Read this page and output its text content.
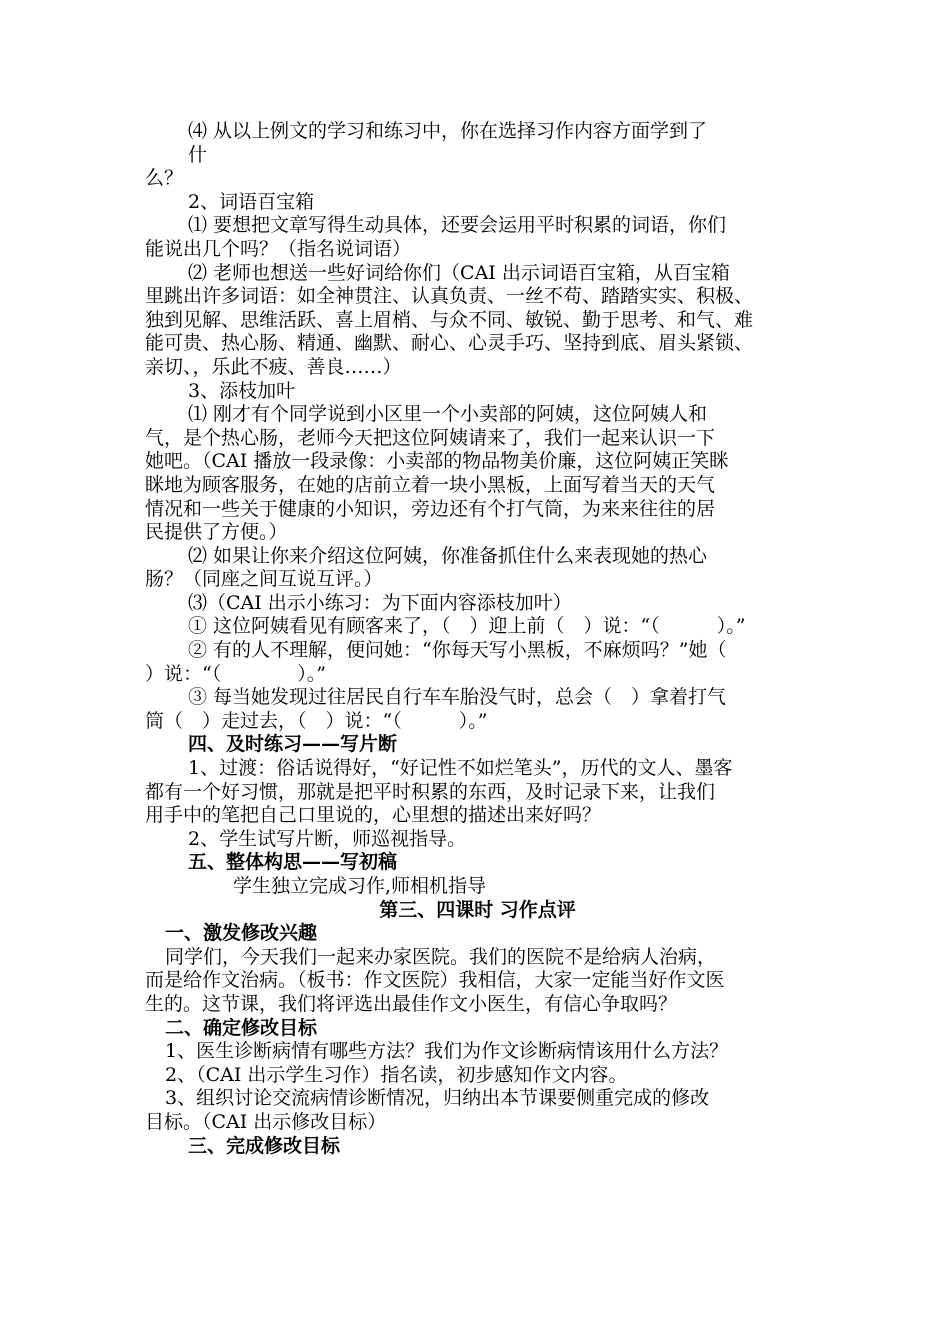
⑷ 从以上例文的学习和练习中，你在选择习作内容方面学到了
什
么？
2、词语百宝箱
⑴ 要想把文章写得生动具体，还要会运用平时积累的词语，你们
能说出几个吗？（指名说词语）
⑵ 老师也想送一些好词给你们（CAI 出示词语百宝箱，从百宝箱
里跳出许多词语：如全神贯注、认真负责、一丝不苟、踏踏实实、积极、
独到见解、思维活跃、喜上眉梢、与众不同、敏锐、勤于思考、和气、难
能可贵、热心肠、精通、幽默、耐心、心灵手巧、坚持到底、眉头紧锁、
亲切、，乐此不疲、善良……）
3、添枝加叶
⑴ 刚才有个同学说到小区里一个小卖部的阿姨，这位阿姨人和
气，是个热心肠，老师今天把这位阿姨请来了，我们一起来认识一下
她吧。（CAI 播放一段录像：小卖部的物品物美价廉，这位阿姨正笑眯
眯地为顾客服务，在她的店前立着一块小黑板，上面写着当天的天气
情况和一些关于健康的小知识，旁边还有个打气筒，为来来往往的居
民提供了方便。）
⑵ 如果让你来介绍这位阿姨，你准备抓住什么来表现她的热心
肠？（同座之间互说互评。）
⑶（CAI 出示小练习：为下面内容添枝加叶）
① 这位阿姨看见有顾客来了，（　）迎上前（　）说：“（　　　）。”
② 有的人不理解，便问她：“你每天写小黑板，不麻烦吗？”她（
）说：“（　　　　）。”
③ 每当她发现过往居民自行车车胎没气时，总会（　）拿着打气
筒（　）走过去，（　）说：“（　　　）。”
四、及时练习——写片断
1、过渡：俗话说得好，“好记性不如烂笔头”，历代的文人、墨客
都有一个好习惯，那就是把平时积累的东西，及时记录下来，让我们
用手中的笔把自己口里说的，心里想的描述出来好吗？
2、学生试写片断，师巡视指导。
五、整体构思——写初稿
学生独立完成习作,师相机指导
第三、四课时 习作点评
一、激发修改兴趣
同学们，今天我们一起来办家医院。我们的医院不是给病人治病，
而是给作文治病。（板书：作文医院）我相信，大家一定能当好作文医
生的。这节课，我们将评选出最佳作文小医生，有信心争取吗？
二、确定修改目标
1、医生诊断病情有哪些方法？我们为作文诊断病情该用什么方法？
2、（CAI 出示学生习作）指名读，初步感知作文内容。
3、组织讨论交流病情诊断情况，归纳出本节课要侧重完成的修改
目标。（CAI 出示修改目标）
三、完成修改目标
